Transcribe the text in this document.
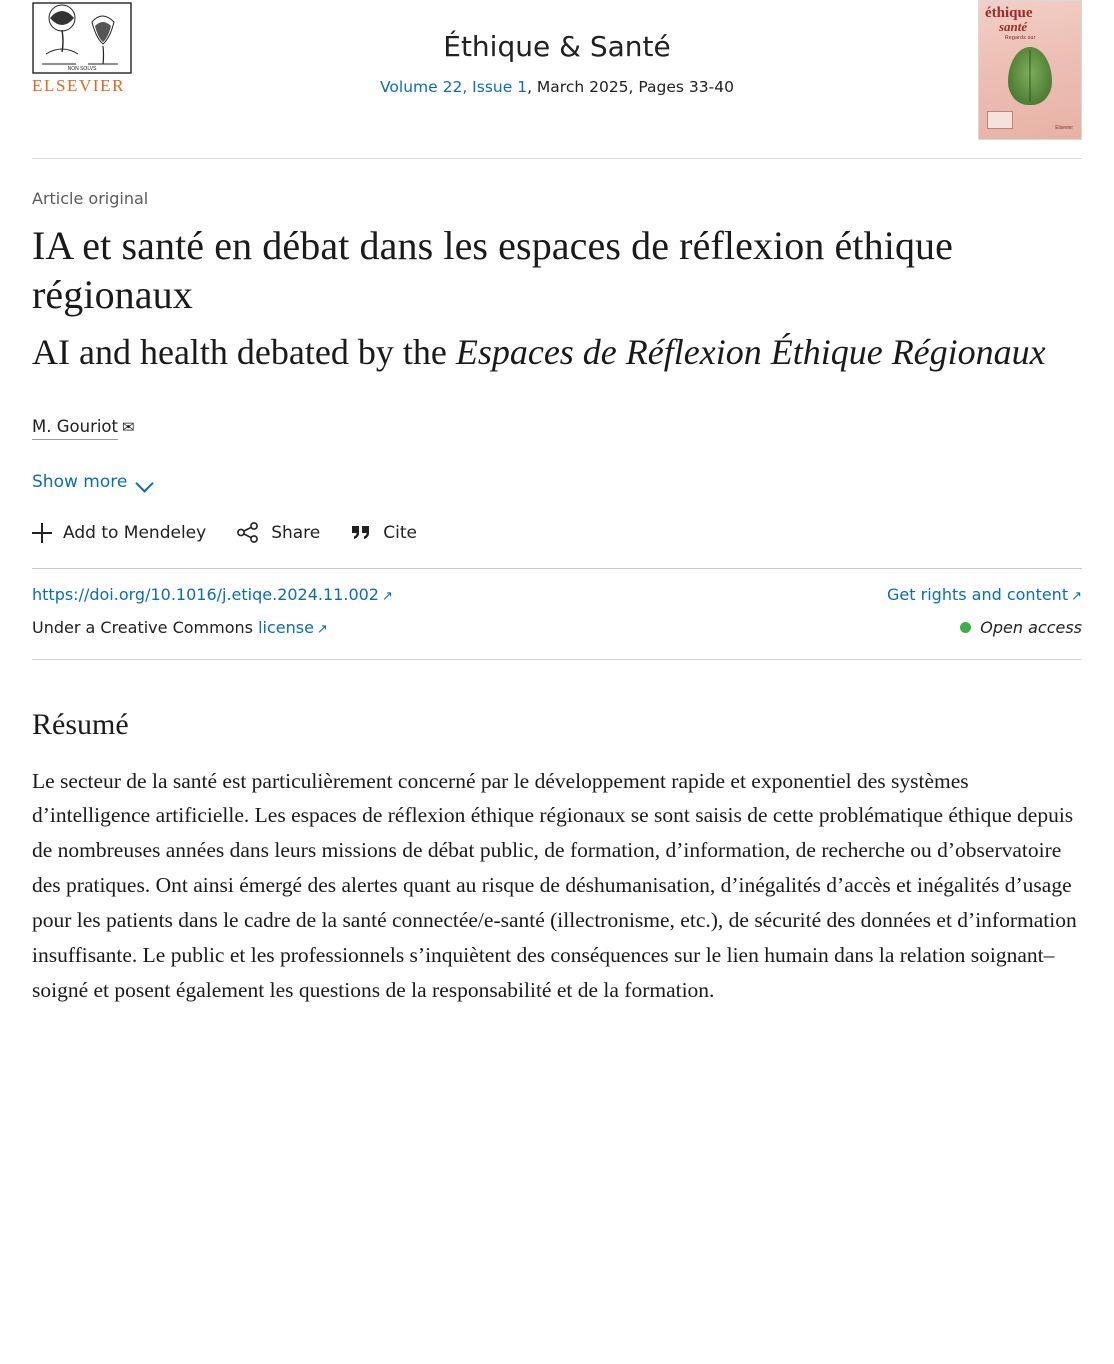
NON SOLVS
ELSEVIER
Éthique & Santé
Volume 22, Issue 1, March 2025, Pages 33-40
éthique
santé
Regards sur
Elsevier
Article original
IA et santé en débat dans les espaces de réflexion éthique régionaux
AI and health debated by the Espaces de Réflexion Éthique Régionaux
M. Gouriot ✉
Show more
Add to Mendeley	Share	Cite
https://doi.org/10.1016/j.etiqe.2024.11.002 ↗	Get rights and content ↗
Under a Creative Commons license ↗	Open access
Résumé

Le secteur de la santé est particulièrement concerné par le développement rapide et exponentiel des systèmes d’intelligence artificielle. Les espaces de réflexion éthique régionaux se sont saisis de cette problématique éthique depuis de nombreuses années dans leurs missions de débat public, de formation, d’information, de recherche ou d’observatoire des pratiques. Ont ainsi émergé des alertes quant au risque de déshumanisation, d’inégalités d’accès et inégalités d’usage pour les patients dans le cadre de la santé connectée/e-santé (illectronisme, etc.), de sécurité des données et d’information insuffisante. Le public et les professionnels s’inquiètent des conséquences sur le lien humain dans la relation soignant–soigné et posent également les questions de la responsabilité et de la formation.
